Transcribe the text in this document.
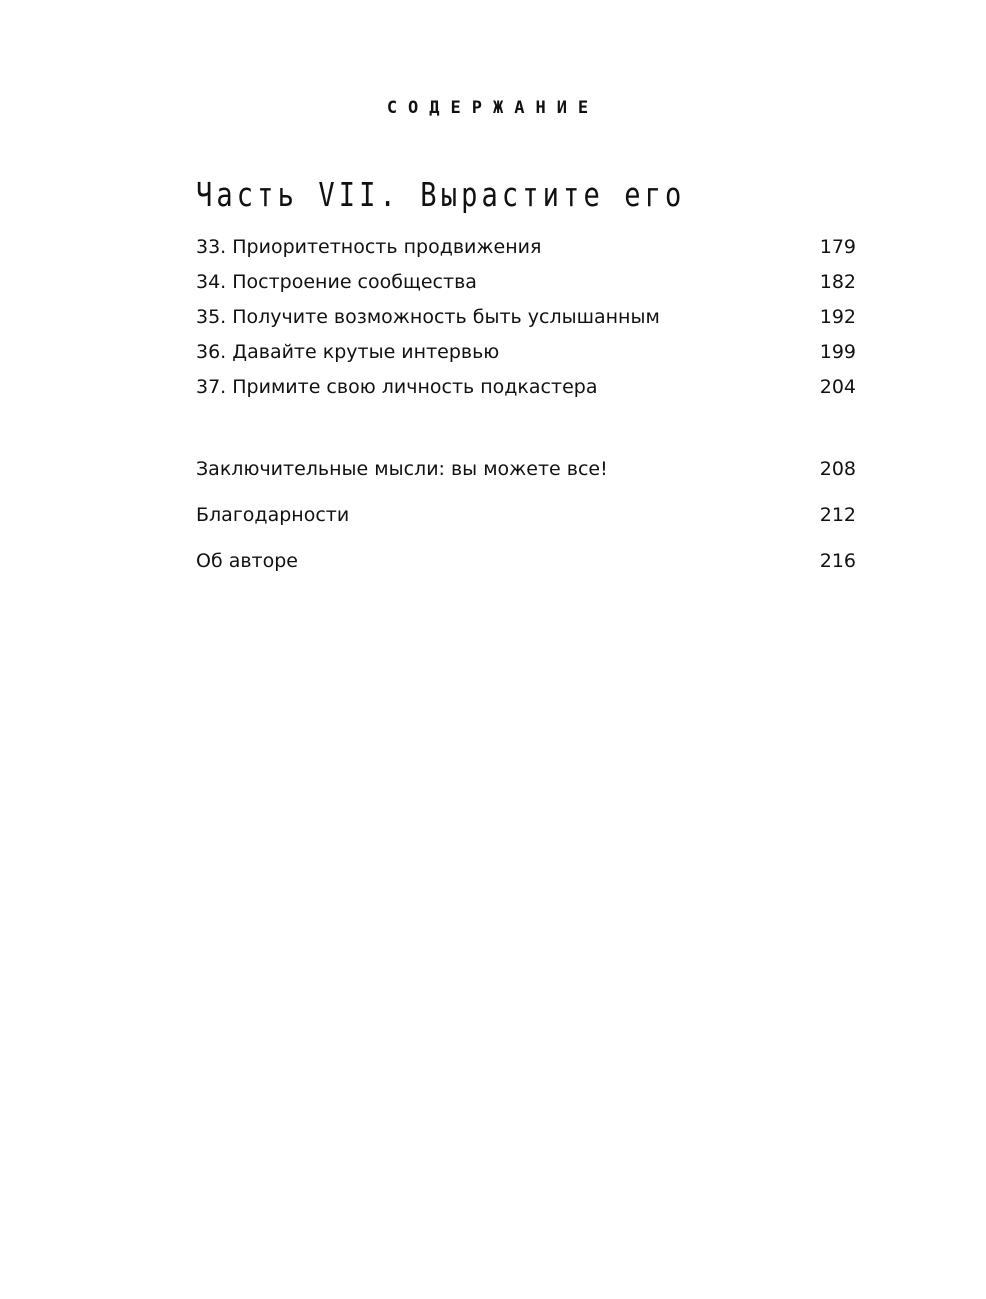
СОДЕРЖАНИЕ
Часть VII. Вырастите его
33. Приоритетность продвижения . . .	179
34. Построение сообщества . . .	182
35. Получите возможность быть услышанным . . .	192
36. Давайте крутые интервью . . .	199
37. Примите свою личность подкастера . . .	204
Заключительные мысли: вы можете все! . . .	208
Благодарности . . .	212
Об авторе . . .	216
